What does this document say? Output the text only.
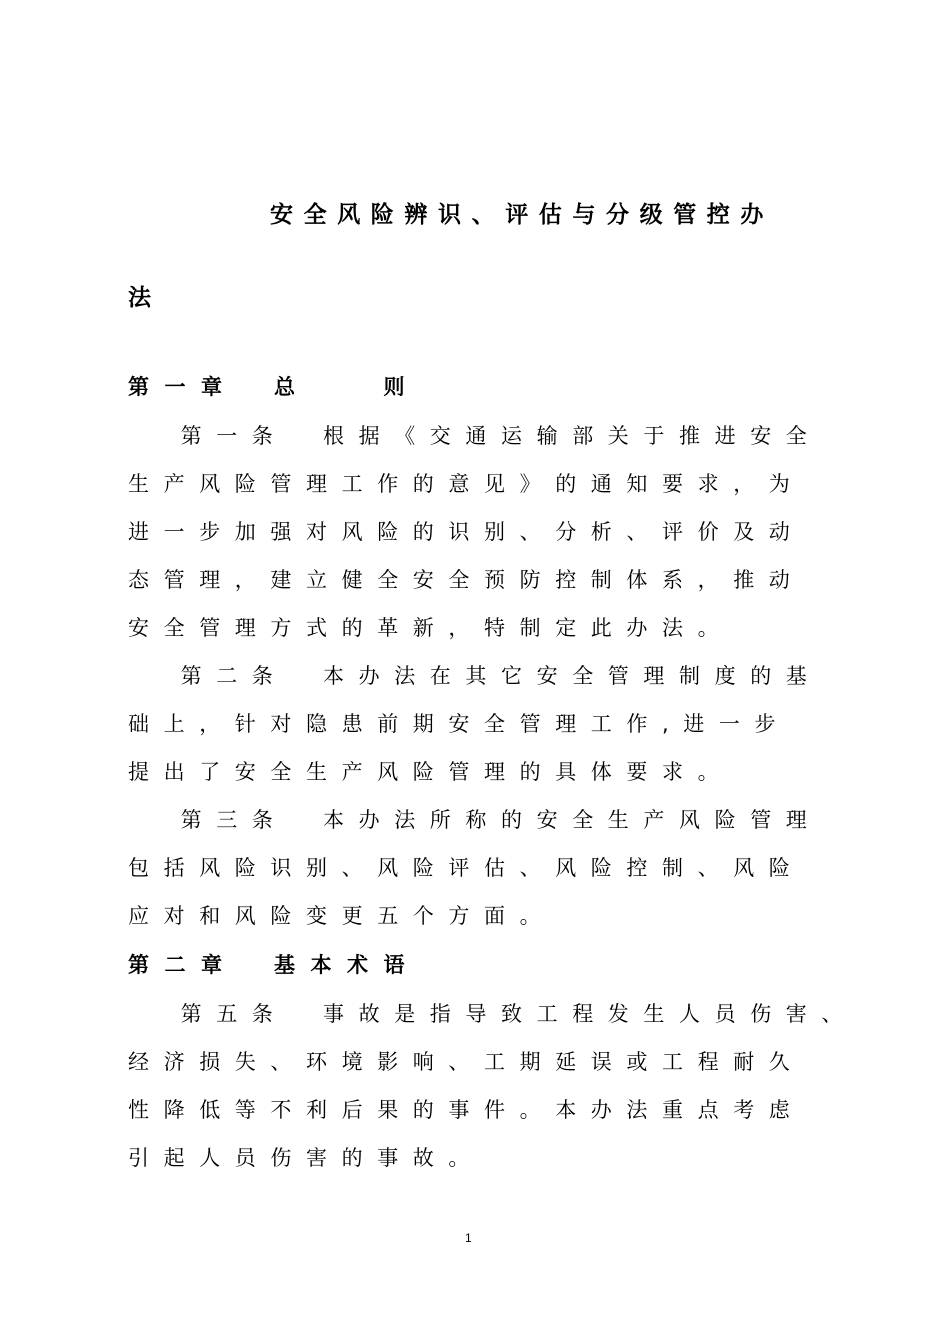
安全风险辨识、评估与分级管控办
法
第一章　总　　则
　第一条　根据《交通运输部关于推进安全
生产风险管理工作的意见》的通知要求，为
进一步加强对风险的识别、分析、评价及动
态管理，建立健全安全预防控制体系，推动
安全管理方式的革新，特制定此办法。
　第二条　本办法在其它安全管理制度的基
础上，针对隐患前期安全管理工作,进一步
提出了安全生产风险管理的具体要求。
　第三条　本办法所称的安全生产风险管理
包括风险识别、风险评估、风险控制、风险
应对和风险变更五个方面。
第二章　基本术语
　第五条　事故是指导致工程发生人员伤害、
经济损失、环境影响、工期延误或工程耐久
性降低等不利后果的事件。本办法重点考虑
引起人员伤害的事故。
1
